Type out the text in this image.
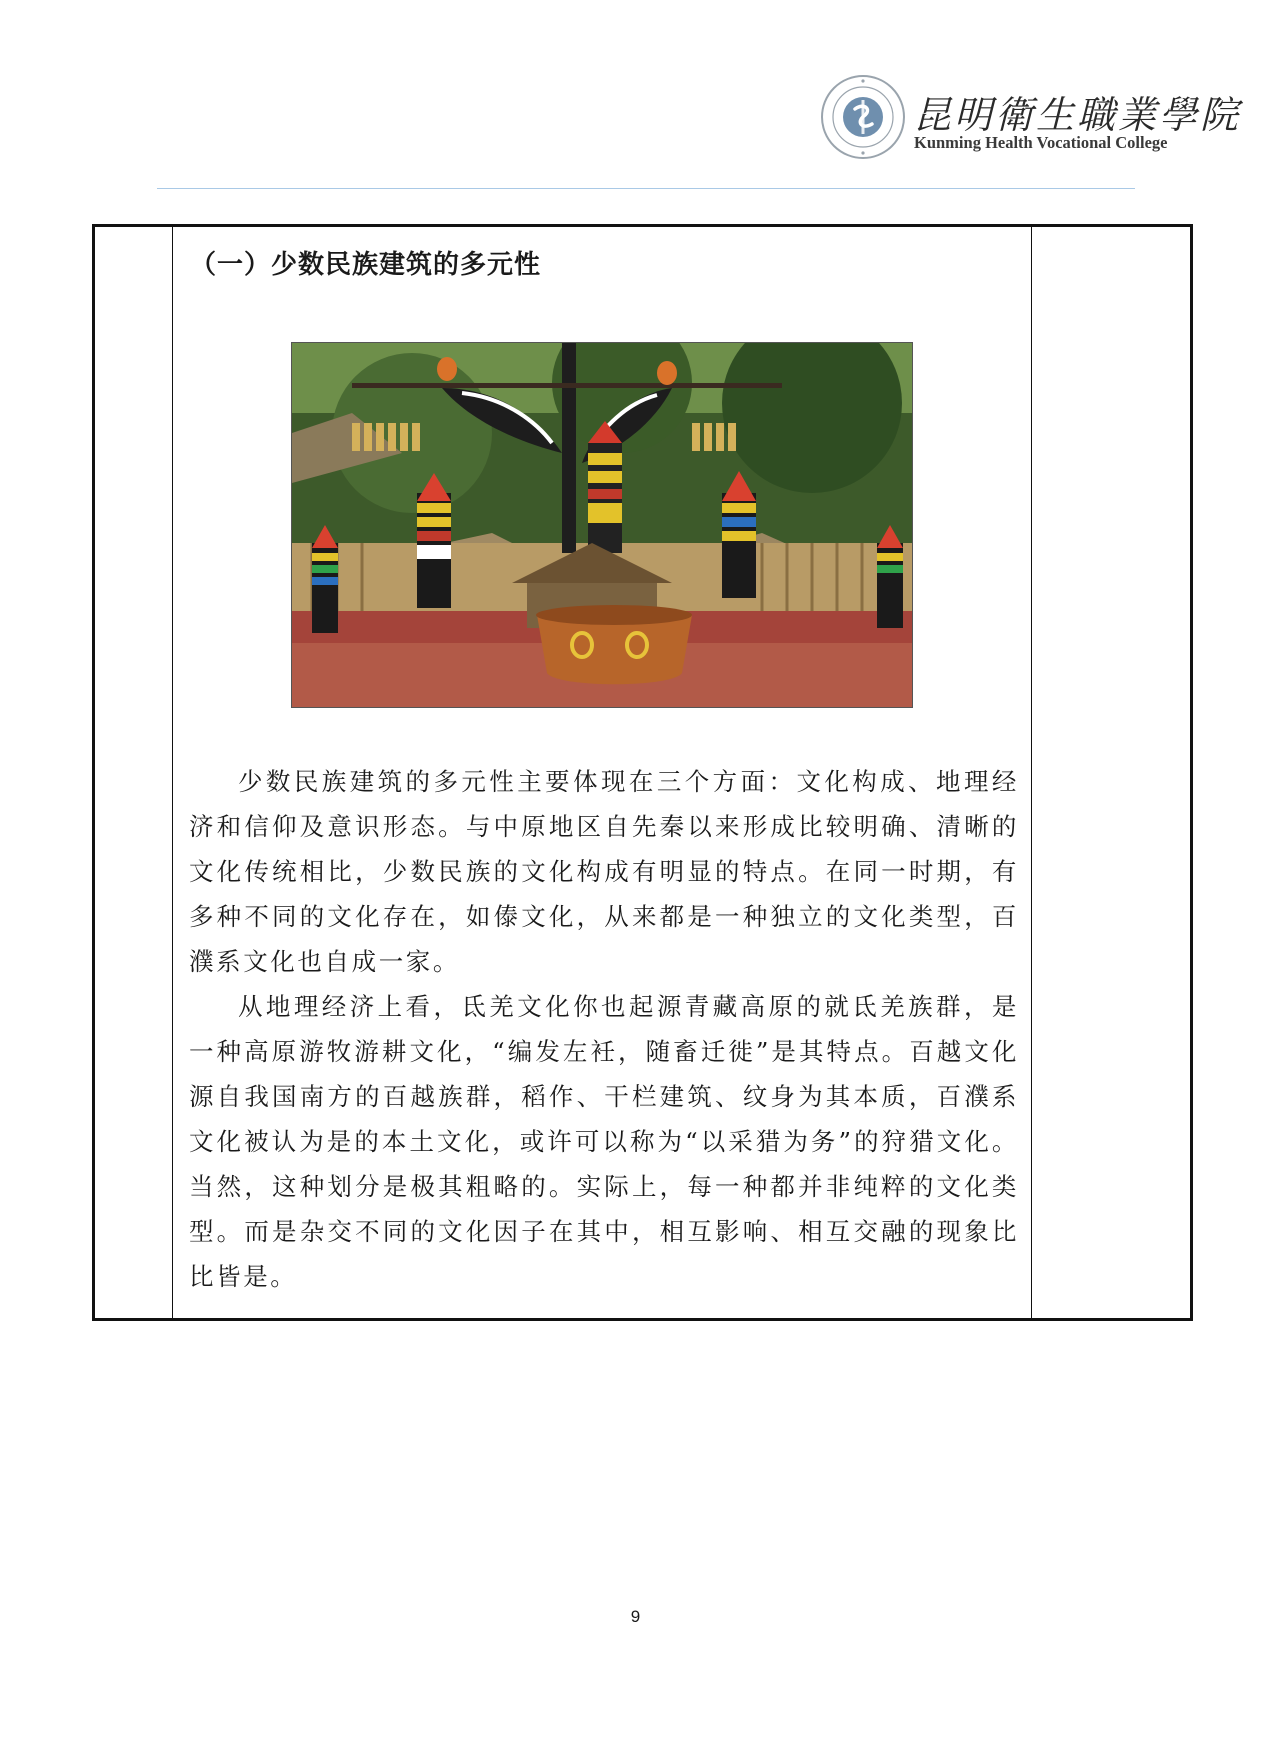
昆明衛生職業學院
Kunming Health Vocational College
（一）少数民族建筑的多元性

少数民族建筑的多元性主要体现在三个方面：文化构成、地理经济和信仰及意识形态。与中原地区自先秦以来形成比较明确、清晰的文化传统相比，少数民族的文化构成有明显的特点。在同一时期，有多种不同的文化存在，如傣文化，从来都是一种独立的文化类型，百濮系文化也自成一家。

从地理经济上看，氐羌文化你也起源青藏高原的就氐羌族群，是一种高原游牧游耕文化，“编发左衽，随畜迁徙”是其特点。百越文化源自我国南方的百越族群，稻作、干栏建筑、纹身为其本质，百濮系文化被认为是的本土文化，或许可以称为“以采猎为务”的狩猎文化。当然，这种划分是极其粗略的。实际上，每一种都并非纯粹的文化类型。而是杂交不同的文化因子在其中，相互影响、相互交融的现象比比皆是。

9
